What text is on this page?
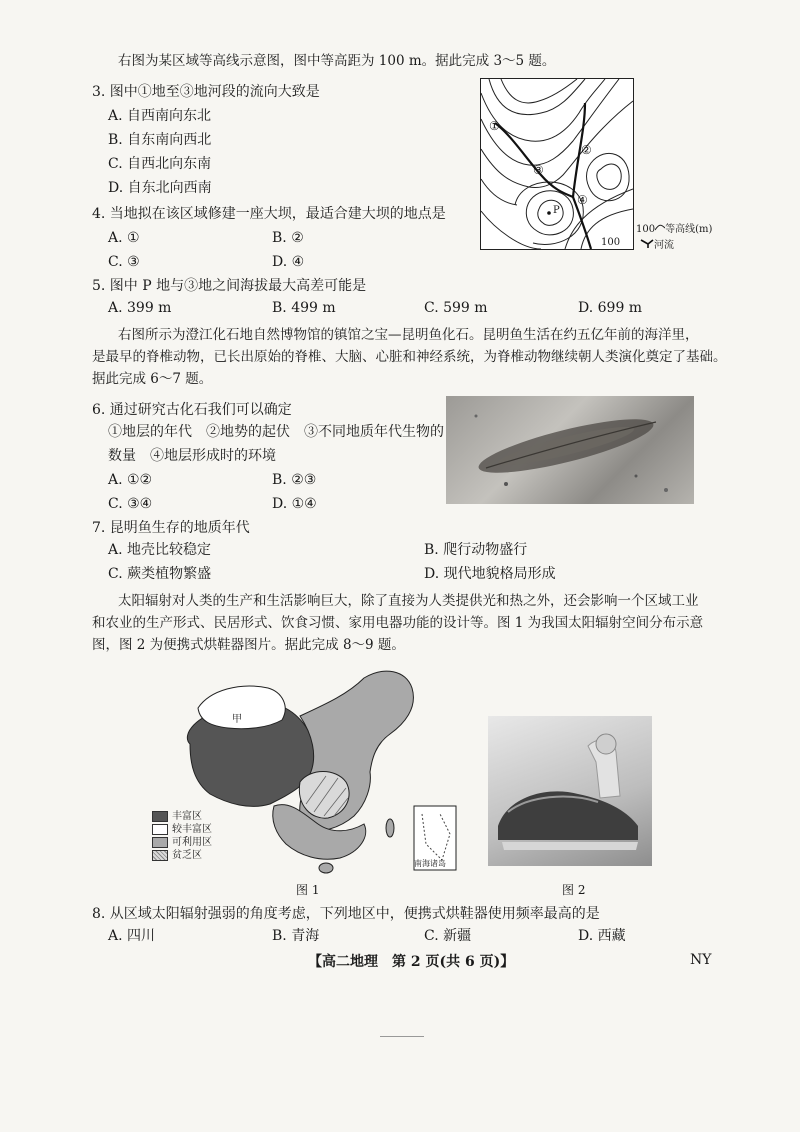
右图为某区域等高线示意图，图中等高距为 100 m。据此完成 3～5 题。
3. 图中①地至③地河段的流向大致是
A. 自西南向东北
B. 自东南向西北
C. 自西北向东南
D. 自东北向西南
4. 当地拟在该区域修建一座大坝，最适合建大坝的地点是
A. ①	B. ②
C. ③	D. ④
①
②
③
④
P
100
100 等高线(m)
河流
5. 图中 P 地与③地之间海拔最大高差可能是
A. 399 m	B. 499 m	C. 599 m	D. 699 m
右图所示为澄江化石地自然博物馆的镇馆之宝—昆明鱼化石。昆明鱼生活在约五亿年前的海洋里，
是最早的脊椎动物，已长出原始的脊椎、大脑、心脏和神经系统，为脊椎动物继续朝人类演化奠定了基础。
据此完成 6～7 题。
6. 通过研究古化石我们可以确定
①地层的年代　②地势的起伏　③不同地质年代生物的
数量　④地层形成时的环境
A. ①②	B. ②③
C. ③④	D. ①④
7. 昆明鱼生存的地质年代
A. 地壳比较稳定	B. 爬行动物盛行
C. 蕨类植物繁盛	D. 现代地貌格局形成
太阳辐射对人类的生产和生活影响巨大，除了直接为人类提供光和热之外，还会影响一个区域工业
和农业的生产形式、民居形式、饮食习惯、家用电器功能的设计等。图 1 为我国太阳辐射空间分布示意
图，图 2 为便携式烘鞋器图片。据此完成 8～9 题。
甲
南海诸岛
丰富区
较丰富区
可利用区
贫乏区
图 1	图 2
8. 从区域太阳辐射强弱的角度考虑，下列地区中，便携式烘鞋器使用频率最高的是
A. 四川	B. 青海	C. 新疆	D. 西藏
【高二地理　第 2 页(共 6 页)】	NY
